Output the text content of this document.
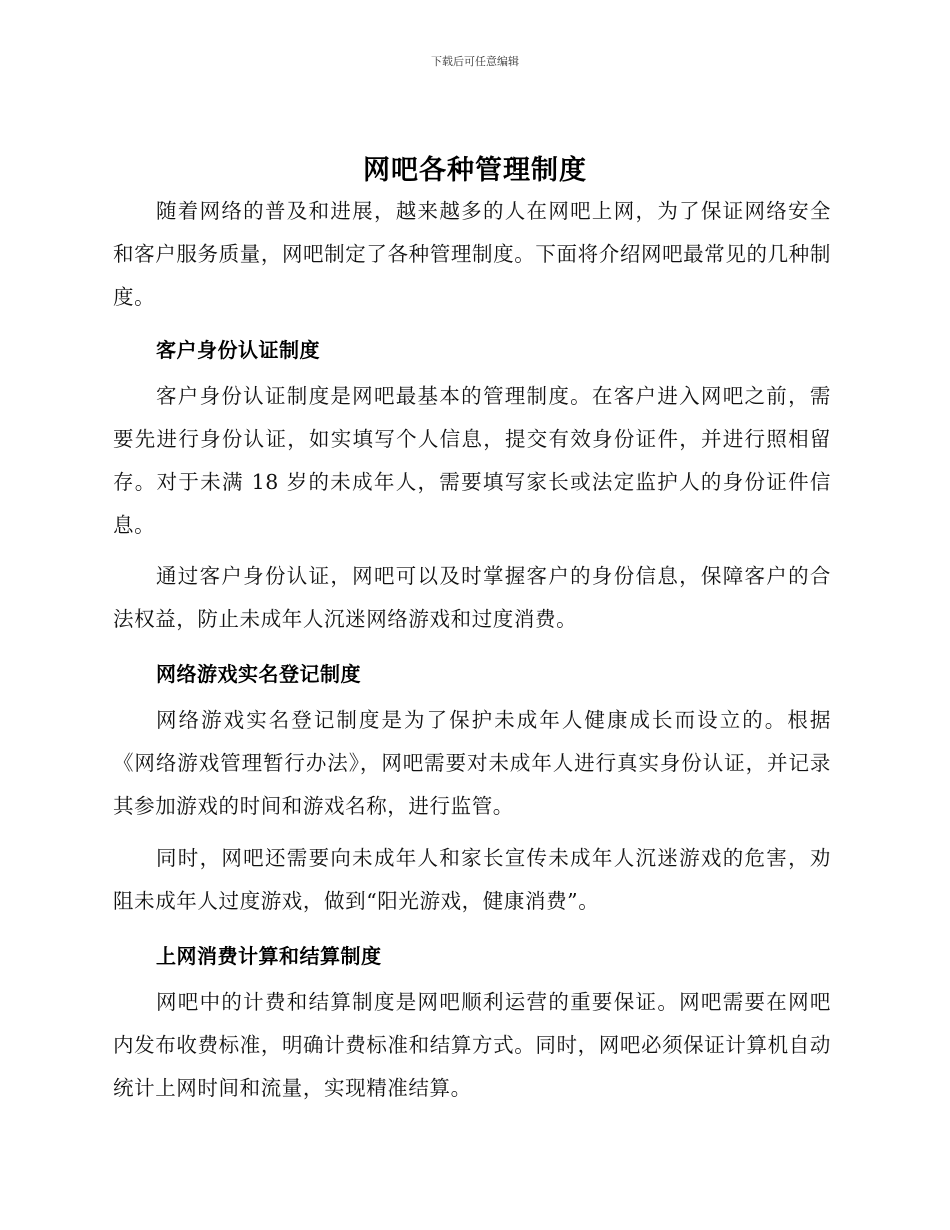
下载后可任意编辑
网吧各种管理制度

随着网络的普及和进展，越来越多的人在网吧上网，为了保证网络安全和客户服务质量，网吧制定了各种管理制度。下面将介绍网吧最常见的几种制度。

客户身份认证制度

客户身份认证制度是网吧最基本的管理制度。在客户进入网吧之前，需要先进行身份认证，如实填写个人信息，提交有效身份证件，并进行照相留存。对于未满 18 岁的未成年人，需要填写家长或法定监护人的身份证件信息。

通过客户身份认证，网吧可以及时掌握客户的身份信息，保障客户的合法权益，防止未成年人沉迷网络游戏和过度消费。

网络游戏实名登记制度

网络游戏实名登记制度是为了保护未成年人健康成长而设立的。根据《网络游戏管理暂行办法》，网吧需要对未成年人进行真实身份认证，并记录其参加游戏的时间和游戏名称，进行监管。

同时，网吧还需要向未成年人和家长宣传未成年人沉迷游戏的危害，劝阻未成年人过度游戏，做到“阳光游戏，健康消费”。

上网消费计算和结算制度

网吧中的计费和结算制度是网吧顺利运营的重要保证。网吧需要在网吧内发布收费标准，明确计费标准和结算方式。同时，网吧必须保证计算机自动统计上网时间和流量，实现精准结算。
